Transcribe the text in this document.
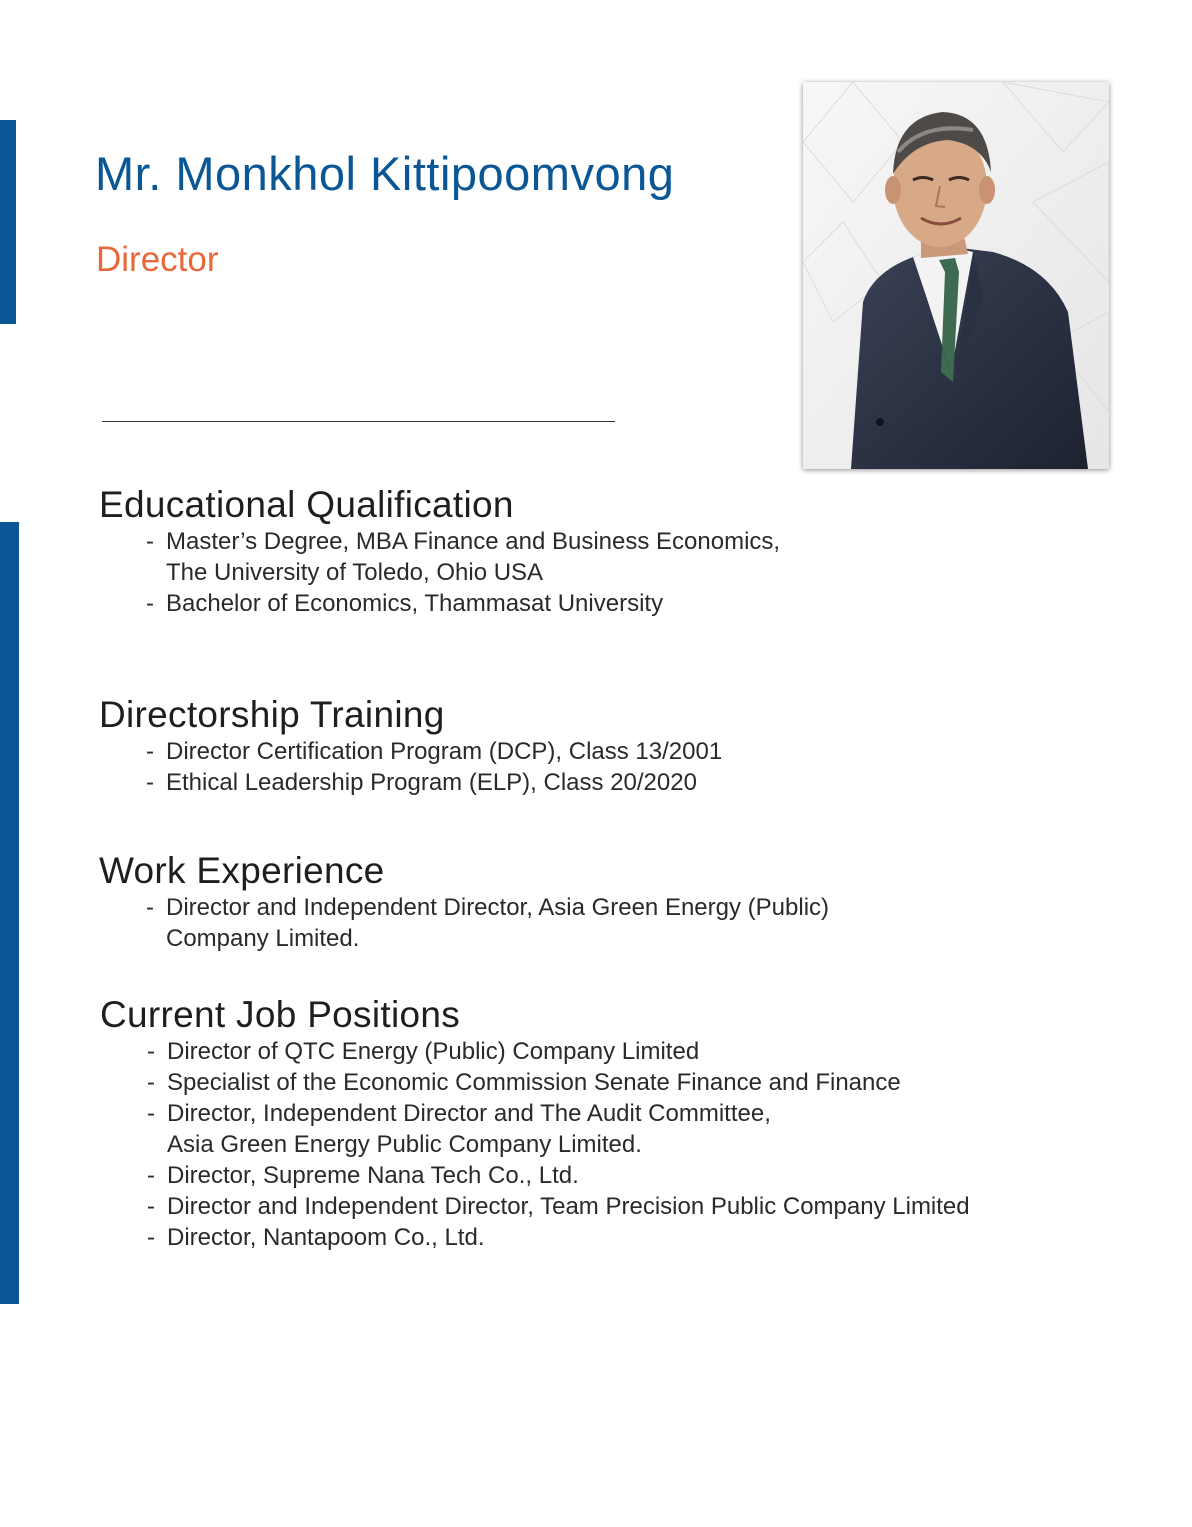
Mr. Monkhol Kittipoomvong
Director
Educational Qualification
- Master’s Degree, MBA Finance and Business Economics,
The University of Toledo, Ohio USA
- Bachelor of Economics, Thammasat University
Directorship Training
- Director Certification Program (DCP), Class 13/2001
- Ethical Leadership Program (ELP), Class 20/2020
Work Experience
- Director and Independent Director, Asia Green Energy (Public)
Company Limited.
Current Job Positions
- Director of QTC Energy (Public) Company Limited
- Specialist of the Economic Commission Senate Finance and Finance
- Director, Independent Director and The Audit Committee,
Asia Green Energy Public Company Limited.
- Director, Supreme Nana Tech Co., Ltd.
- Director and Independent Director, Team Precision Public Company Limited
- Director, Nantapoom Co., Ltd.
